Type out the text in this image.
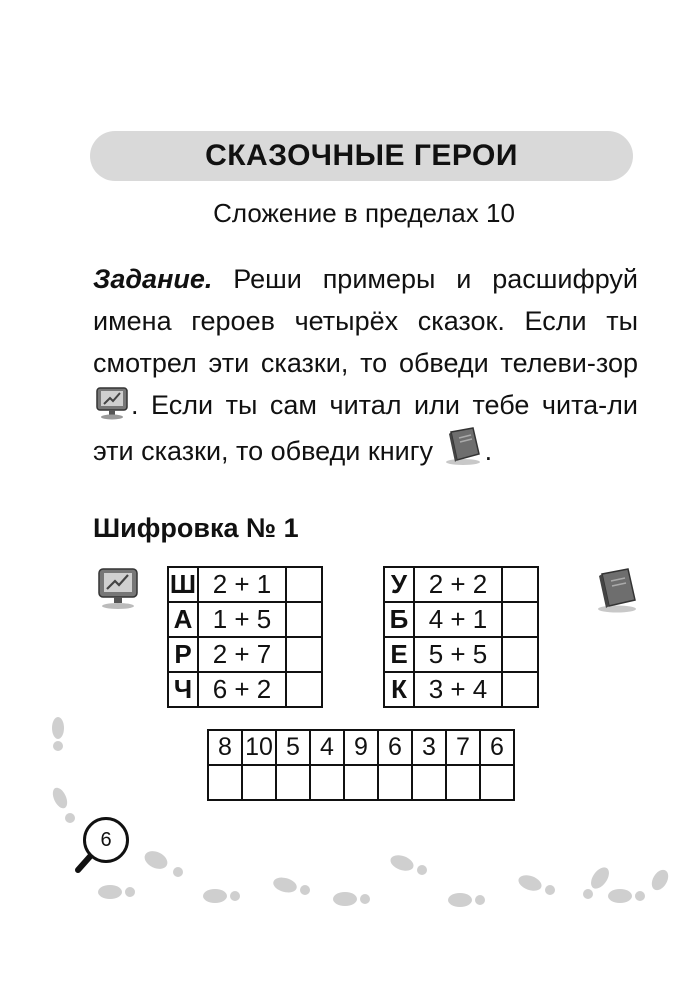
СКАЗОЧНЫЕ ГЕРОИ
Сложение в пределах 10
Задание. Реши примеры и расшифруй имена героев четырёх сказок. Если ты смотрел эти сказки, то обведи телеви-зор . Если ты сам читал или тебе чита-ли эти сказки, то обведи книгу .
Шифровка № 1
Ш	2 + 1	
А	1 + 5	
Р	2 + 7	
Ч	6 + 2	
У	2 + 2	
Б	4 + 1	
Е	5 + 5	
К	3 + 4	
8	10	5	4	9	6	3	7	6

6
